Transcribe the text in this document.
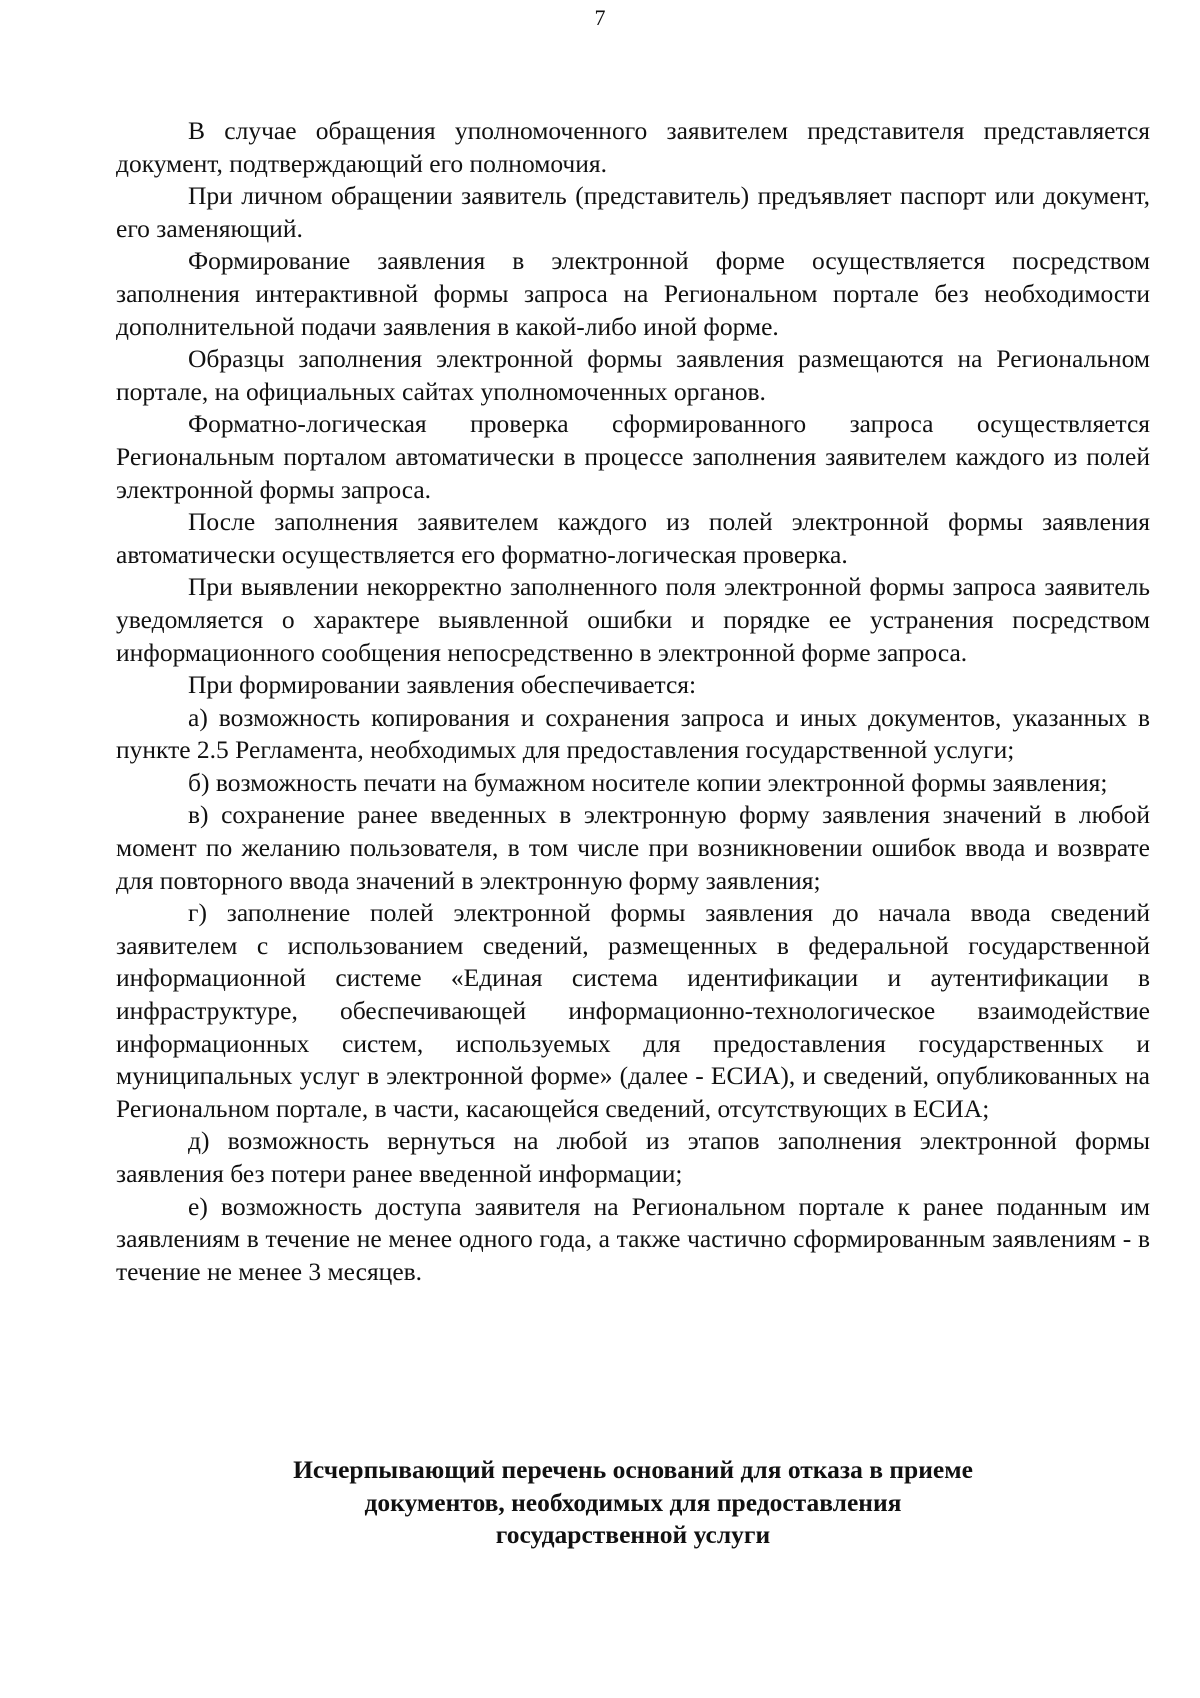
7

В случае обращения уполномоченного заявителем представителя представляется документ, подтверждающий его полномочия.

При личном обращении заявитель (представитель) предъявляет паспорт или документ, его заменяющий.

Формирование заявления в электронной форме осуществляется посредством заполнения интерактивной формы запроса на Региональном портале без необходимости дополнительной подачи заявления в какой-либо иной форме.

Образцы заполнения электронной формы заявления размещаются на Региональном портале, на официальных сайтах уполномоченных органов.

Форматно-логическая проверка сформированного запроса осуществляется Региональным порталом автоматически в процессе заполнения заявителем каждого из полей электронной формы запроса.

После заполнения заявителем каждого из полей электронной формы заявления автоматически осуществляется его форматно-логическая проверка.

При выявлении некорректно заполненного поля электронной формы запроса заявитель уведомляется о характере выявленной ошибки и порядке ее устранения посредством информационного сообщения непосредственно в электронной форме запроса.

При формировании заявления обеспечивается:

а) возможность копирования и сохранения запроса и иных документов, указанных в пункте 2.5 Регламента, необходимых для предоставления государственной услуги;

б) возможность печати на бумажном носителе копии электронной формы заявления;

в) сохранение ранее введенных в электронную форму заявления значений в любой момент по желанию пользователя, в том числе при возникновении ошибок ввода и возврате для повторного ввода значений в электронную форму заявления;

г) заполнение полей электронной формы заявления до начала ввода сведений заявителем с использованием сведений, размещенных в федеральной государственной информационной системе «Единая система идентификации и аутентификации в инфраструктуре, обеспечивающей информационно-технологическое взаимодействие информационных систем, используемых для предоставления государственных и муниципальных услуг в электронной форме» (далее - ЕСИА), и сведений, опубликованных на Региональном портале, в части, касающейся сведений, отсутствующих в ЕСИА;

д) возможность вернуться на любой из этапов заполнения электронной формы заявления без потери ранее введенной информации;

е) возможность доступа заявителя на Региональном портале к ранее поданным им заявлениям в течение не менее одного года, а также частично сформированным заявлениям - в течение не менее 3 месяцев.

Исчерпывающий перечень оснований для отказа в приеме
документов, необходимых для предоставления
государственной услуги
